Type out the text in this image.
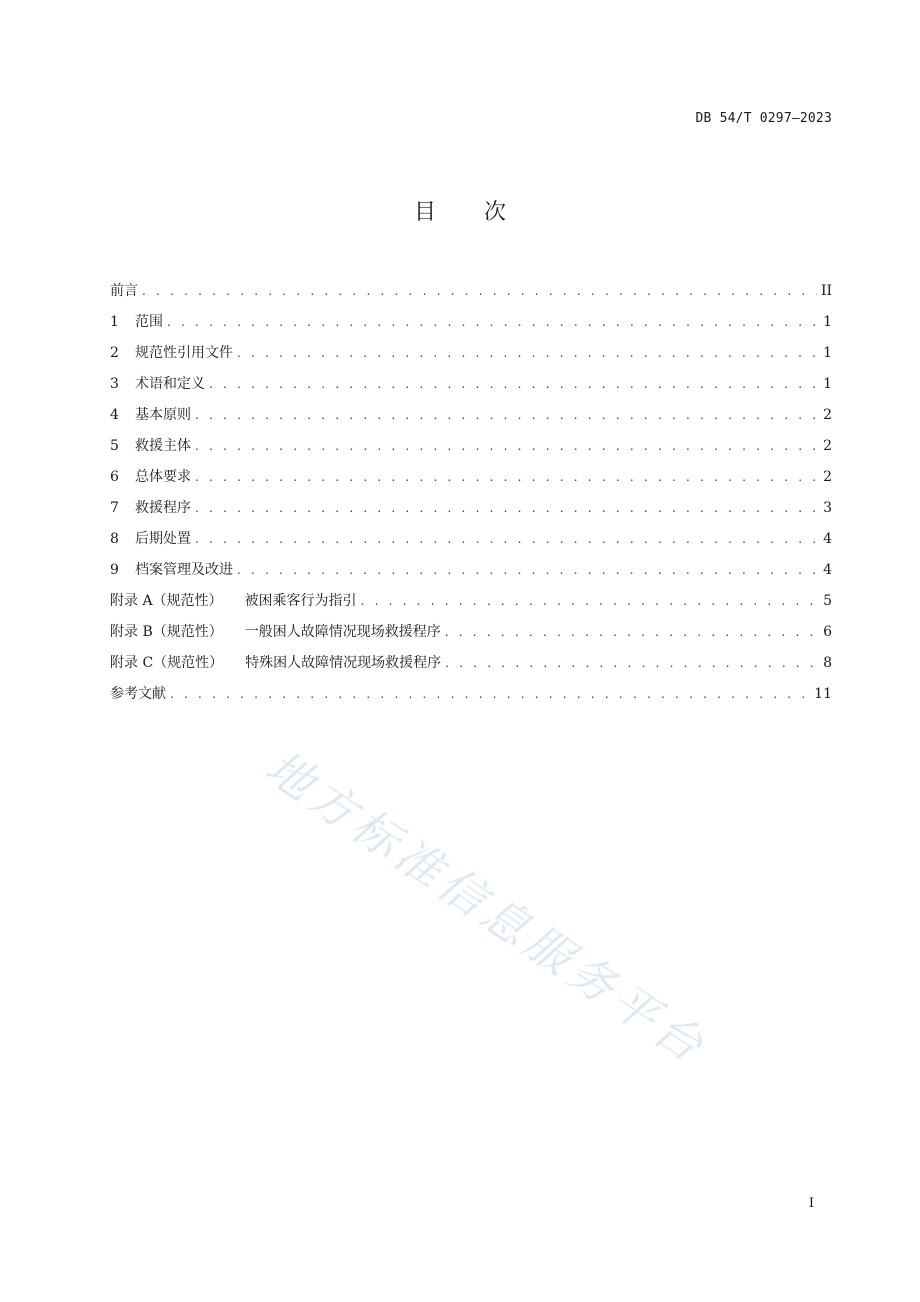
DB 54/T 0297—2023
目次
前言 . . .	II
1	范围 . . .	1
2	规范性引用文件 . . .	1
3	术语和定义 . . .	1
4	基本原则 . . .	2
5	救援主体 . . .	2
6	总体要求 . . .	2
7	救援程序 . . .	3
8	后期处置 . . .	4
9	档案管理及改进 . . .	4
附录 A（规范性） 被困乘客行为指引 . . .	5
附录 B（规范性） 一般困人故障情况现场救援程序 . . .	6
附录 C（规范性） 特殊困人故障情况现场救援程序 . . .	8
参考文献 . . .	11
地方标准信息服务平台
I
